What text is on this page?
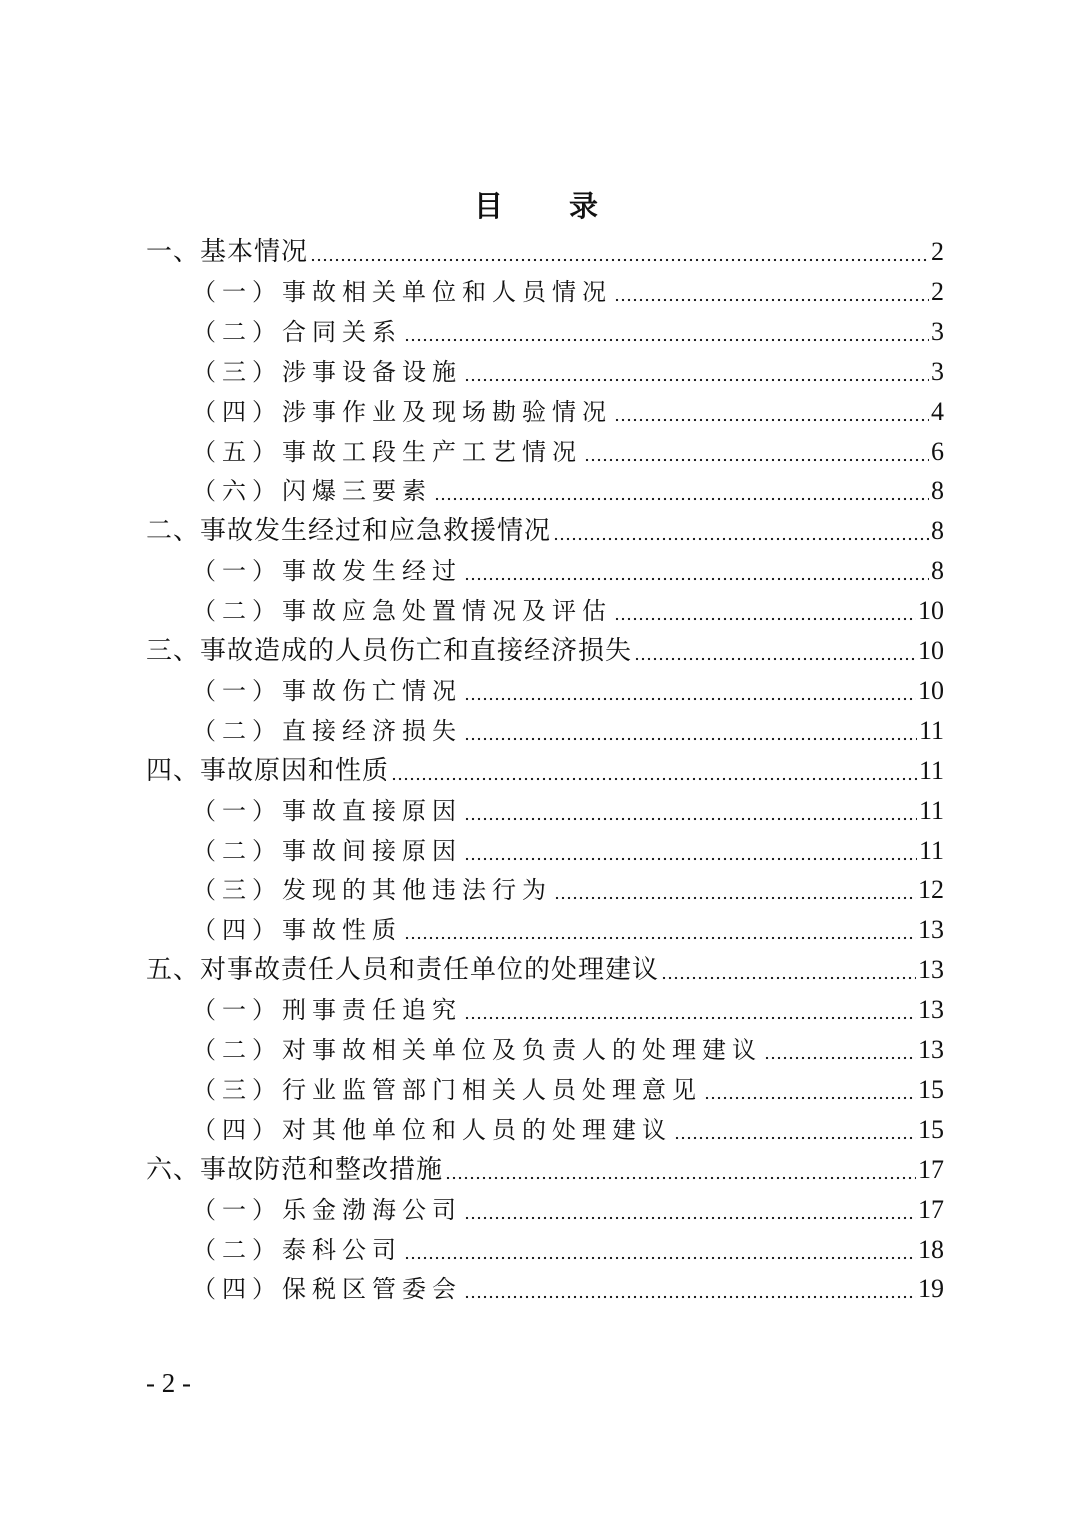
目 录
一、基本情况	2
（一）事故相关单位和人员情况	2
（二）合同关系	3
（三）涉事设备设施	3
（四）涉事作业及现场勘验情况	4
（五）事故工段生产工艺情况	6
（六）闪爆三要素	8
二、事故发生经过和应急救援情况	8
（一）事故发生经过	8
（二）事故应急处置情况及评估	10
三、事故造成的人员伤亡和直接经济损失	10
（一）事故伤亡情况	10
（二）直接经济损失	11
四、事故原因和性质	11
（一）事故直接原因	11
（二）事故间接原因	11
（三）发现的其他违法行为	12
（四）事故性质	13
五、对事故责任人员和责任单位的处理建议	13
（一）刑事责任追究	13
（二）对事故相关单位及负责人的处理建议	13
（三）行业监管部门相关人员处理意见	15
（四）对其他单位和人员的处理建议	15
六、事故防范和整改措施	17
（一）乐金渤海公司	17
（二）泰科公司	18
（四）保税区管委会	19
- 2 -
